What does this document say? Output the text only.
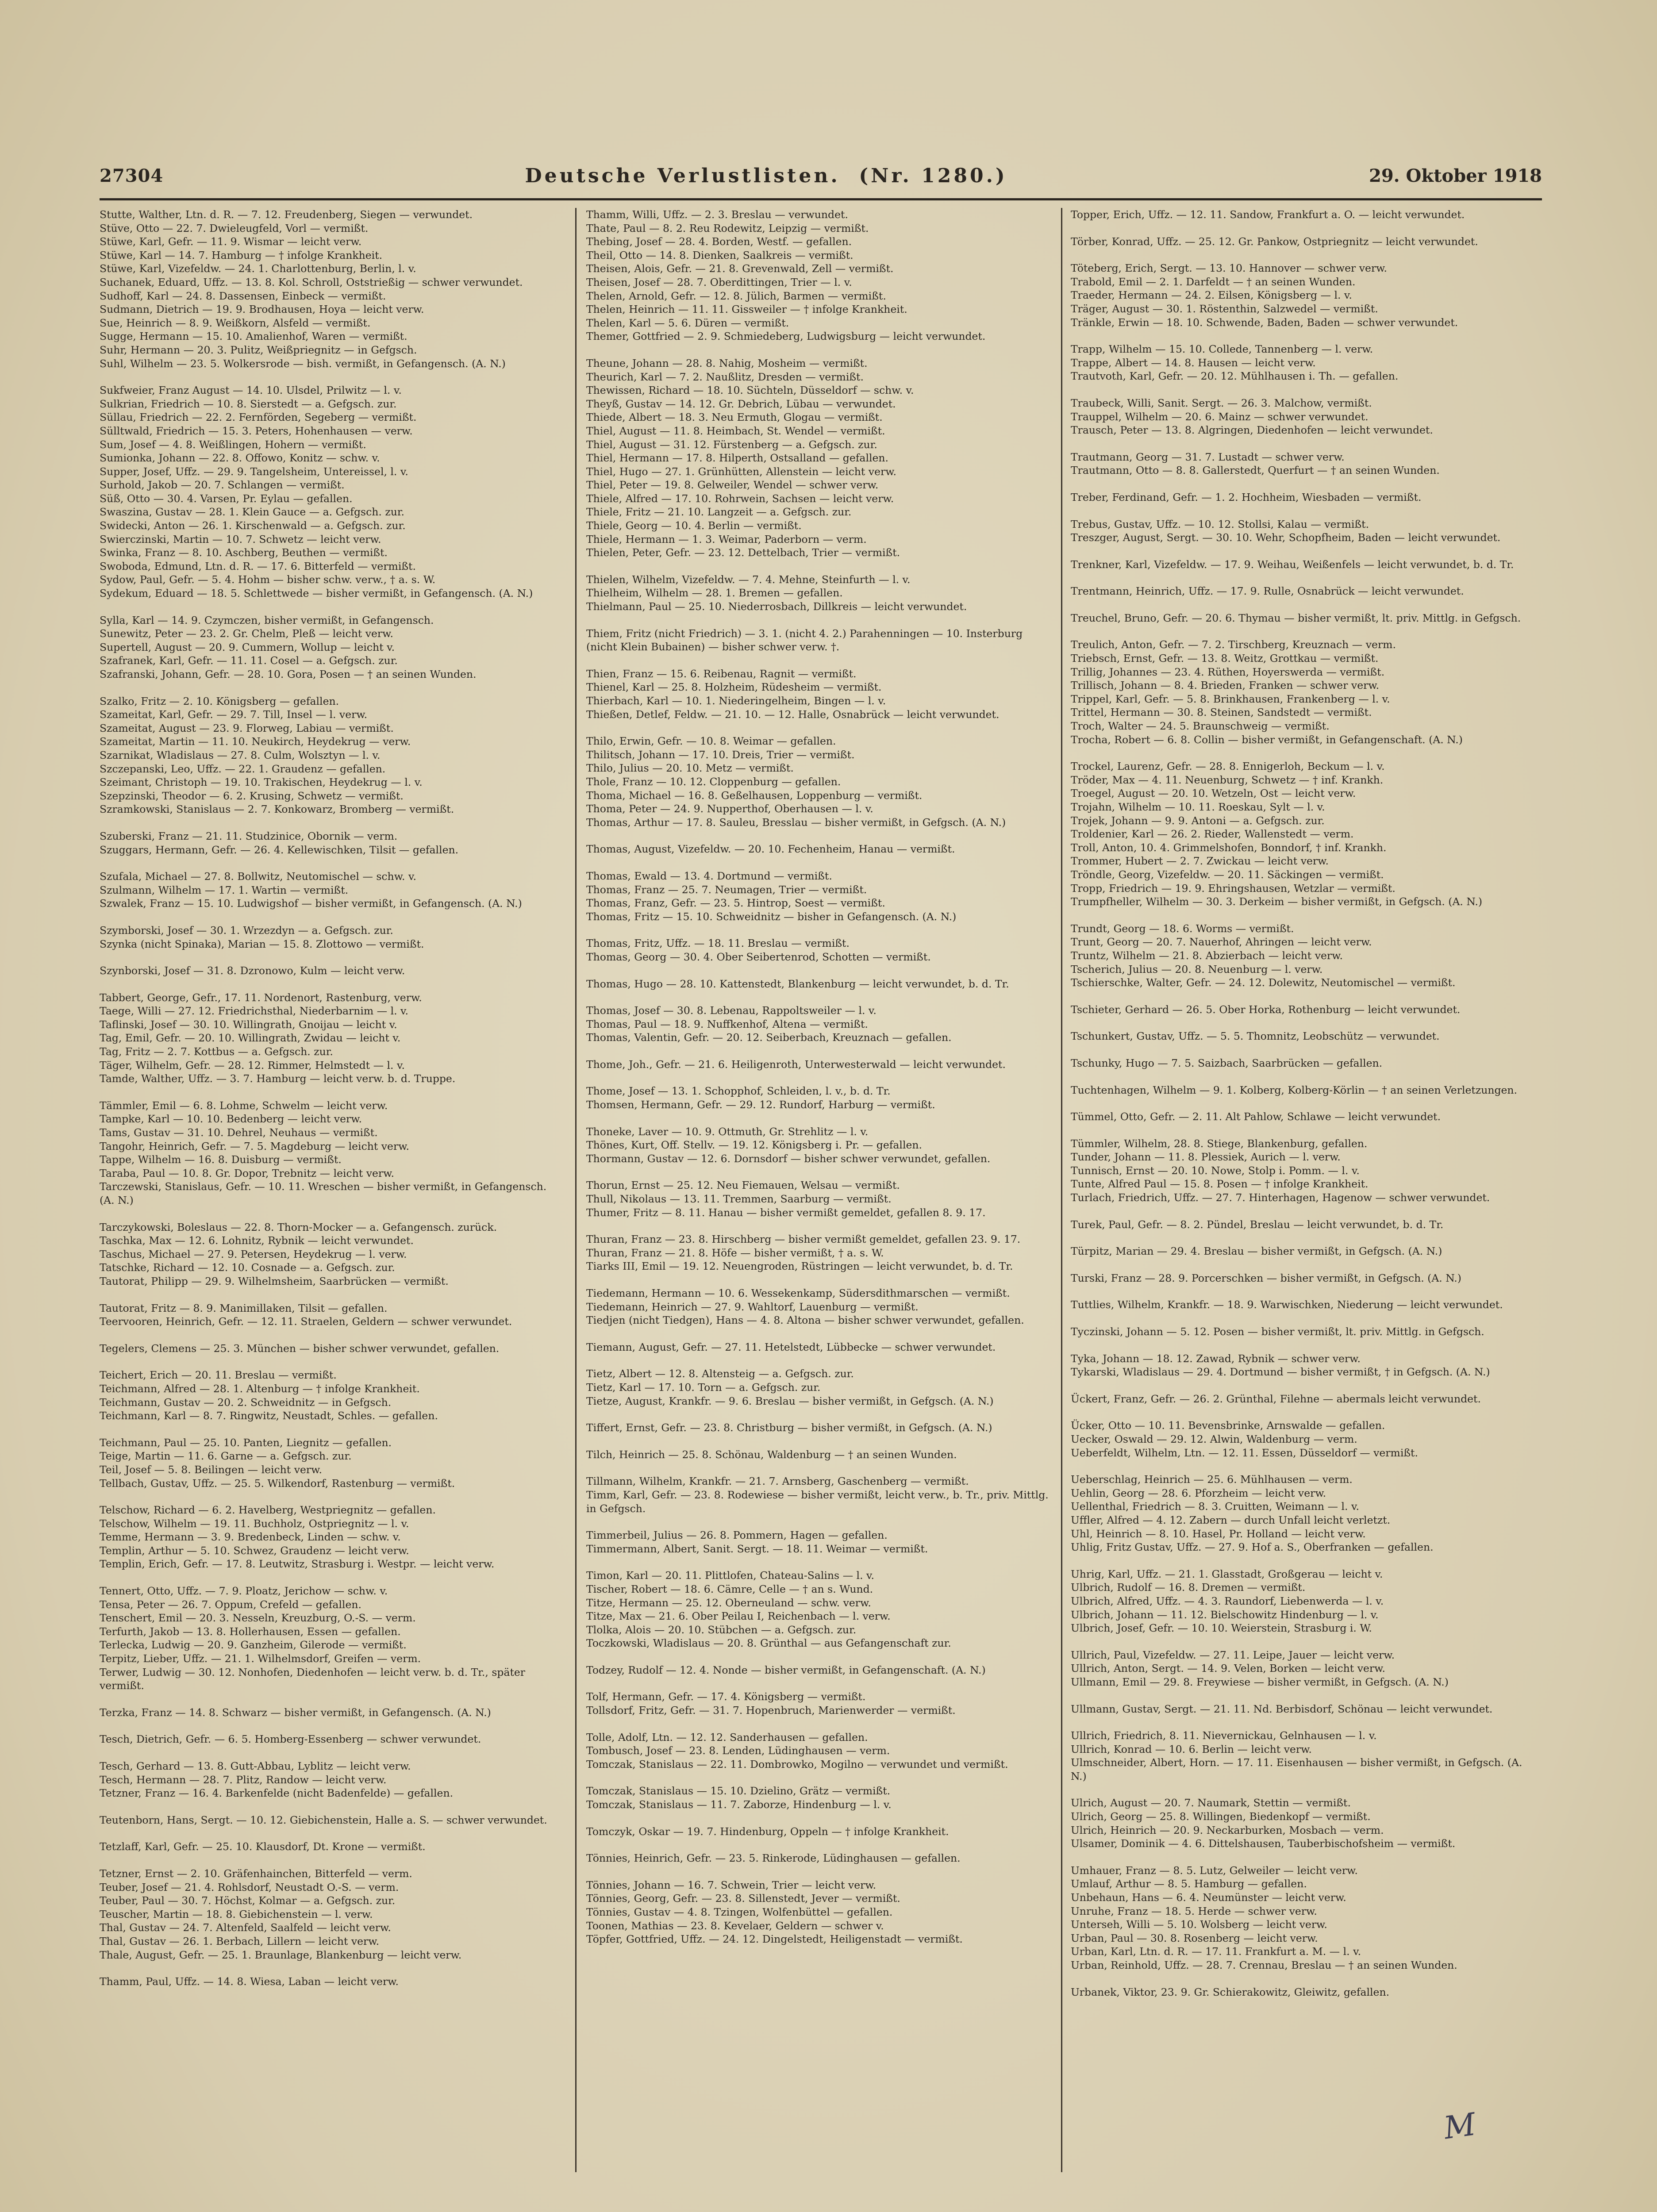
27304	Deutsche Verlustlisten. (Nr. 1280.)	29. Oktober 1918

Stutte, Walther, Ltn. d. R. — 7. 12. Freudenberg, Siegen — verwundet.

Stüve, Otto — 22. 7. Dwieleugfeld, Vorl — vermißt.

Stüwe, Karl, Gefr. — 11. 9. Wismar — leicht verw.

Stüwe, Karl — 14. 7. Hamburg — † infolge Krankheit.

Stüwe, Karl, Vizefeldw. — 24. 1. Charlottenburg, Berlin, l. v.

Suchanek, Eduard, Uffz. — 13. 8. Kol. Schroll, Oststrießig — schwer verwundet.

Sudhoff, Karl — 24. 8. Dassensen, Einbeck — vermißt.

Sudmann, Dietrich — 19. 9. Brodhausen, Hoya — leicht verw.

Sue, Heinrich — 8. 9. Weißkorn, Alsfeld — vermißt.

Sugge, Hermann — 15. 10. Amalienhof, Waren — vermißt.

Suhr, Hermann — 20. 3. Pulitz, Weißpriegnitz — in Gefgsch.

Suhl, Wilhelm — 23. 5. Wolkersrode — bish. vermißt, in Gefangensch. (A. N.)

Sukfweier, Franz August — 14. 10. Ulsdel, Prilwitz — l. v.

Sulkrian, Friedrich — 10. 8. Sierstedt — a. Gefgsch. zur.

Süllau, Friedrich — 22. 2. Fernförden, Segeberg — vermißt.

Sülltwald, Friedrich — 15. 3. Peters, Hohenhausen — verw.

Sum, Josef — 4. 8. Weißlingen, Hohern — vermißt.

Sumionka, Johann — 22. 8. Offowo, Konitz — schw. v.

Supper, Josef, Uffz. — 29. 9. Tangelsheim, Untereissel, l. v.

Surhold, Jakob — 20. 7. Schlangen — vermißt.

Süß, Otto — 30. 4. Varsen, Pr. Eylau — gefallen.

Swaszina, Gustav — 28. 1. Klein Gauce — a. Gefgsch. zur.

Swidecki, Anton — 26. 1. Kirschenwald — a. Gefgsch. zur.

Swierczinski, Martin — 10. 7. Schwetz — leicht verw.

Swinka, Franz — 8. 10. Aschberg, Beuthen — vermißt.

Swoboda, Edmund, Ltn. d. R. — 17. 6. Bitterfeld — vermißt.

Sydow, Paul, Gefr. — 5. 4. Hohm — bisher schw. verw., † a. s. W.

Sydekum, Eduard — 18. 5. Schlettwede — bisher vermißt, in Gefangensch. (A. N.)

Sylla, Karl — 14. 9. Czymczen, bisher vermißt, in Gefangensch.

Sunewitz, Peter — 23. 2. Gr. Chelm, Pleß — leicht verw.

Supertell, August — 20. 9. Cummern, Wollup — leicht v.

Szafranek, Karl, Gefr. — 11. 11. Cosel — a. Gefgsch. zur.

Szafranski, Johann, Gefr. — 28. 10. Gora, Posen — † an seinen Wunden.

Szalko, Fritz — 2. 10. Königsberg — gefallen.

Szameitat, Karl, Gefr. — 29. 7. Till, Insel — l. verw.

Szameitat, August — 23. 9. Florweg, Labiau — vermißt.

Szameitat, Martin — 11. 10. Neukirch, Heydekrug — verw.

Szarnikat, Wladislaus — 27. 8. Culm, Wolsztyn — l. v.

Szczepanski, Leo, Uffz. — 22. 1. Graudenz — gefallen.

Szeimant, Christoph — 19. 10. Trakischen, Heydekrug — l. v.

Szepzinski, Theodor — 6. 2. Krusing, Schwetz — vermißt.

Szramkowski, Stanislaus — 2. 7. Konkowarz, Bromberg — vermißt.

Szuberski, Franz — 21. 11. Studzinice, Obornik — verm.

Szuggars, Hermann, Gefr. — 26. 4. Kellewischken, Tilsit — gefallen.

Szufala, Michael — 27. 8. Bollwitz, Neutomischel — schw. v.

Szulmann, Wilhelm — 17. 1. Wartin — vermißt.

Szwalek, Franz — 15. 10. Ludwigshof — bisher vermißt, in Gefangensch. (A. N.)

Szymborski, Josef — 30. 1. Wrzezdyn — a. Gefgsch. zur.

Szynka (nicht Spinaka), Marian — 15. 8. Zlottowo — vermißt.

Szynborski, Josef — 31. 8. Dzronowo, Kulm — leicht verw.

Tabbert, George, Gefr., 17. 11. Nordenort, Rastenburg, verw.

Taege, Willi — 27. 12. Friedrichsthal, Niederbarnim — l. v.

Taflinski, Josef — 30. 10. Willingrath, Gnoijau — leicht v.

Tag, Emil, Gefr. — 20. 10. Willingrath, Zwidau — leicht v.

Tag, Fritz — 2. 7. Kottbus — a. Gefgsch. zur.

Täger, Wilhelm, Gefr. — 28. 12. Rimmer, Helmstedt — l. v.

Tamde, Walther, Uffz. — 3. 7. Hamburg — leicht verw. b. d. Truppe.

Tämmler, Emil — 6. 8. Lohme, Schwelm — leicht verw.

Tampke, Karl — 10. 10. Bedenberg — leicht verw.

Tams, Gustav — 31. 10. Dehrel, Neuhaus — vermißt.

Tangohr, Heinrich, Gefr. — 7. 5. Magdeburg — leicht verw.

Tappe, Wilhelm — 16. 8. Duisburg — vermißt.

Taraba, Paul — 10. 8. Gr. Dopor, Trebnitz — leicht verw.

Tarczewski, Stanislaus, Gefr. — 10. 11. Wreschen — bisher vermißt, in Gefangensch. (A. N.)

Tarczykowski, Boleslaus — 22. 8. Thorn-Mocker — a. Gefangensch. zurück.

Taschka, Max — 12. 6. Lohnitz, Rybnik — leicht verwundet.

Taschus, Michael — 27. 9. Petersen, Heydekrug — l. verw.

Tatschke, Richard — 12. 10. Cosnade — a. Gefgsch. zur.

Tautorat, Philipp — 29. 9. Wilhelmsheim, Saarbrücken — vermißt.

Tautorat, Fritz — 8. 9. Manimillaken, Tilsit — gefallen.

Teervooren, Heinrich, Gefr. — 12. 11. Straelen, Geldern — schwer verwundet.

Tegelers, Clemens — 25. 3. München — bisher schwer verwundet, gefallen.

Teichert, Erich — 20. 11. Breslau — vermißt.

Teichmann, Alfred — 28. 1. Altenburg — † infolge Krankheit.

Teichmann, Gustav — 20. 2. Schweidnitz — in Gefgsch.

Teichmann, Karl — 8. 7. Ringwitz, Neustadt, Schles. — gefallen.

Teichmann, Paul — 25. 10. Panten, Liegnitz — gefallen.

Teige, Martin — 11. 6. Garne — a. Gefgsch. zur.

Teil, Josef — 5. 8. Beilingen — leicht verw.

Tellbach, Gustav, Uffz. — 25. 5. Wilkendorf, Rastenburg — vermißt.

Telschow, Richard — 6. 2. Havelberg, Westpriegnitz — gefallen.

Telschow, Wilhelm — 19. 11. Buchholz, Ostpriegnitz — l. v.

Temme, Hermann — 3. 9. Bredenbeck, Linden — schw. v.

Templin, Arthur — 5. 10. Schwez, Graudenz — leicht verw.

Templin, Erich, Gefr. — 17. 8. Leutwitz, Strasburg i. Westpr. — leicht verw.

Tennert, Otto, Uffz. — 7. 9. Ploatz, Jerichow — schw. v.

Tensa, Peter — 26. 7. Oppum, Crefeld — gefallen.

Tenschert, Emil — 20. 3. Nesseln, Kreuzburg, O.-S. — verm.

Terfurth, Jakob — 13. 8. Hollerhausen, Essen — gefallen.

Terlecka, Ludwig — 20. 9. Ganzheim, Gilerode — vermißt.

Terpitz, Lieber, Uffz. — 21. 1. Wilhelmsdorf, Greifen — verm.

Terwer, Ludwig — 30. 12. Nonhofen, Diedenhofen — leicht verw. b. d. Tr., später vermißt.

Terzka, Franz — 14. 8. Schwarz — bisher vermißt, in Gefangensch. (A. N.)

Tesch, Dietrich, Gefr. — 6. 5. Homberg-Essenberg — schwer verwundet.

Tesch, Gerhard — 13. 8. Gutt-Abbau, Lyblitz — leicht verw.

Tesch, Hermann — 28. 7. Plitz, Randow — leicht verw.

Tetzner, Franz — 16. 4. Barkenfelde (nicht Badenfelde) — gefallen.

Teutenborn, Hans, Sergt. — 10. 12. Giebichenstein, Halle a. S. — schwer verwundet.

Tetzlaff, Karl, Gefr. — 25. 10. Klausdorf, Dt. Krone — vermißt.

Tetzner, Ernst — 2. 10. Gräfenhainchen, Bitterfeld — verm.

Teuber, Josef — 21. 4. Rohlsdorf, Neustadt O.-S. — verm.

Teuber, Paul — 30. 7. Höchst, Kolmar — a. Gefgsch. zur.

Teuscher, Martin — 18. 8. Giebichenstein — l. verw.

Thal, Gustav — 24. 7. Altenfeld, Saalfeld — leicht verw.

Thal, Gustav — 26. 1. Berbach, Lillern — leicht verw.

Thale, August, Gefr. — 25. 1. Braunlage, Blankenburg — leicht verw.

Thamm, Paul, Uffz. — 14. 8. Wiesa, Laban — leicht verw.

Thamm, Willi, Uffz. — 2. 3. Breslau — verwundet.

Thate, Paul — 8. 2. Reu Rodewitz, Leipzig — vermißt.

Thebing, Josef — 28. 4. Borden, Westf. — gefallen.

Theil, Otto — 14. 8. Dienken, Saalkreis — vermißt.

Theisen, Alois, Gefr. — 21. 8. Grevenwald, Zell — vermißt.

Theisen, Josef — 28. 7. Oberdittingen, Trier — l. v.

Thelen, Arnold, Gefr. — 12. 8. Jülich, Barmen — vermißt.

Thelen, Heinrich — 11. 11. Gissweiler — † infolge Krankheit.

Thelen, Karl — 5. 6. Düren — vermißt.

Themer, Gottfried — 2. 9. Schmiedeberg, Ludwigsburg — leicht verwundet.

Theune, Johann — 28. 8. Nahig, Mosheim — vermißt.

Theurich, Karl — 7. 2. Naußlitz, Dresden — vermißt.

Thewissen, Richard — 18. 10. Süchteln, Düsseldorf — schw. v.

Theyß, Gustav — 14. 12. Gr. Debrich, Lübau — verwundet.

Thiede, Albert — 18. 3. Neu Ermuth, Glogau — vermißt.

Thiel, August — 11. 8. Heimbach, St. Wendel — vermißt.

Thiel, August — 31. 12. Fürstenberg — a. Gefgsch. zur.

Thiel, Hermann — 17. 8. Hilperth, Ostsalland — gefallen.

Thiel, Hugo — 27. 1. Grünhütten, Allenstein — leicht verw.

Thiel, Peter — 19. 8. Gelweiler, Wendel — schwer verw.

Thiele, Alfred — 17. 10. Rohrwein, Sachsen — leicht verw.

Thiele, Fritz — 21. 10. Langzeit — a. Gefgsch. zur.

Thiele, Georg — 10. 4. Berlin — vermißt.

Thiele, Hermann — 1. 3. Weimar, Paderborn — verm.

Thielen, Peter, Gefr. — 23. 12. Dettelbach, Trier — vermißt.

Thielen, Wilhelm, Vizefeldw. — 7. 4. Mehne, Steinfurth — l. v.

Thielheim, Wilhelm — 28. 1. Bremen — gefallen.

Thielmann, Paul — 25. 10. Niederrosbach, Dillkreis — leicht verwundet.

Thiem, Fritz (nicht Friedrich) — 3. 1. (nicht 4. 2.) Parahenningen — 10. Insterburg (nicht Klein Bubainen) — bisher schwer verw. †.

Thien, Franz — 15. 6. Reibenau, Ragnit — vermißt.

Thienel, Karl — 25. 8. Holzheim, Rüdesheim — vermißt.

Thierbach, Karl — 10. 1. Niederingelheim, Bingen — l. v.

Thießen, Detlef, Feldw. — 21. 10. — 12. Halle, Osnabrück — leicht verwundet.

Thilo, Erwin, Gefr. — 10. 8. Weimar — gefallen.

Thilitsch, Johann — 17. 10. Dreis, Trier — vermißt.

Thilo, Julius — 20. 10. Metz — vermißt.

Thole, Franz — 10. 12. Cloppenburg — gefallen.

Thoma, Michael — 16. 8. Geßelhausen, Loppenburg — vermißt.

Thoma, Peter — 24. 9. Nupperthof, Oberhausen — l. v.

Thomas, Arthur — 17. 8. Sauleu, Bresslau — bisher vermißt, in Gefgsch. (A. N.)

Thomas, August, Vizefeldw. — 20. 10. Fechenheim, Hanau — vermißt.

Thomas, Ewald — 13. 4. Dortmund — vermißt.

Thomas, Franz — 25. 7. Neumagen, Trier — vermißt.

Thomas, Franz, Gefr. — 23. 5. Hintrop, Soest — vermißt.

Thomas, Fritz — 15. 10. Schweidnitz — bisher in Gefangensch. (A. N.)

Thomas, Fritz, Uffz. — 18. 11. Breslau — vermißt.

Thomas, Georg — 30. 4. Ober Seibertenrod, Schotten — vermißt.

Thomas, Hugo — 28. 10. Kattenstedt, Blankenburg — leicht verwundet, b. d. Tr.

Thomas, Josef — 30. 8. Lebenau, Rappoltsweiler — l. v.

Thomas, Paul — 18. 9. Nuffkenhof, Altena — vermißt.

Thomas, Valentin, Gefr. — 20. 12. Seiberbach, Kreuznach — gefallen.

Thome, Joh., Gefr. — 21. 6. Heiligenroth, Unterwesterwald — leicht verwundet.

Thome, Josef — 13. 1. Schopphof, Schleiden, l. v., b. d. Tr.

Thomsen, Hermann, Gefr. — 29. 12. Rundorf, Harburg — vermißt.

Thoneke, Laver — 10. 9. Ottmuth, Gr. Strehlitz — l. v.

Thönes, Kurt, Off. Stellv. — 19. 12. Königsberg i. Pr. — gefallen.

Thormann, Gustav — 12. 6. Dornsdorf — bisher schwer verwundet, gefallen.

Thorun, Ernst — 25. 12. Neu Fiemauen, Welsau — vermißt.

Thull, Nikolaus — 13. 11. Tremmen, Saarburg — vermißt.

Thumer, Fritz — 8. 11. Hanau — bisher vermißt gemeldet, gefallen 8. 9. 17.

Thuran, Franz — 23. 8. Hirschberg — bisher vermißt gemeldet, gefallen 23. 9. 17.

Thuran, Franz — 21. 8. Höfe — bisher vermißt, † a. s. W.

Tiarks III, Emil — 19. 12. Neuengroden, Rüstringen — leicht verwundet, b. d. Tr.

Tiedemann, Hermann — 10. 6. Wessekenkamp, Südersdithmarschen — vermißt.

Tiedemann, Heinrich — 27. 9. Wahltorf, Lauenburg — vermißt.

Tiedjen (nicht Tiedgen), Hans — 4. 8. Altona — bisher schwer verwundet, gefallen.

Tiemann, August, Gefr. — 27. 11. Hetelstedt, Lübbecke — schwer verwundet.

Tietz, Albert — 12. 8. Altensteig — a. Gefgsch. zur.

Tietz, Karl — 17. 10. Torn — a. Gefgsch. zur.

Tietze, August, Krankfr. — 9. 6. Breslau — bisher vermißt, in Gefgsch. (A. N.)

Tiffert, Ernst, Gefr. — 23. 8. Christburg — bisher vermißt, in Gefgsch. (A. N.)

Tilch, Heinrich — 25. 8. Schönau, Waldenburg — † an seinen Wunden.

Tillmann, Wilhelm, Krankfr. — 21. 7. Arnsberg, Gaschenberg — vermißt.

Timm, Karl, Gefr. — 23. 8. Rodewiese — bisher vermißt, leicht verw., b. Tr., priv. Mittlg. in Gefgsch.

Timmerbeil, Julius — 26. 8. Pommern, Hagen — gefallen.

Timmermann, Albert, Sanit. Sergt. — 18. 11. Weimar — vermißt.

Timon, Karl — 20. 11. Plittlofen, Chateau-Salins — l. v.

Tischer, Robert — 18. 6. Cämre, Celle — † an s. Wund.

Titze, Hermann — 25. 12. Oberneuland — schw. verw.

Titze, Max — 21. 6. Ober Peilau I, Reichenbach — l. verw.

Tlolka, Alois — 20. 10. Stübchen — a. Gefgsch. zur.

Toczkowski, Wladislaus — 20. 8. Grünthal — aus Gefangenschaft zur.

Todzey, Rudolf — 12. 4. Nonde — bisher vermißt, in Gefangenschaft. (A. N.)

Tolf, Hermann, Gefr. — 17. 4. Königsberg — vermißt.

Tollsdorf, Fritz, Gefr. — 31. 7. Hopenbruch, Marienwerder — vermißt.

Tolle, Adolf, Ltn. — 12. 12. Sanderhausen — gefallen.

Tombusch, Josef — 23. 8. Lenden, Lüdinghausen — verm.

Tomczak, Stanislaus — 22. 11. Dombrowko, Mogilno — verwundet und vermißt.

Tomczak, Stanislaus — 15. 10. Dzielino, Grätz — vermißt.

Tomczak, Stanislaus — 11. 7. Zaborze, Hindenburg — l. v.

Tomczyk, Oskar — 19. 7. Hindenburg, Oppeln — † infolge Krankheit.

Tönnies, Heinrich, Gefr. — 23. 5. Rinkerode, Lüdinghausen — gefallen.

Tönnies, Johann — 16. 7. Schwein, Trier — leicht verw.

Tönnies, Georg, Gefr. — 23. 8. Sillenstedt, Jever — vermißt.

Tönnies, Gustav — 4. 8. Tzingen, Wolfenbüttel — gefallen.

Toonen, Mathias — 23. 8. Kevelaer, Geldern — schwer v.

Töpfer, Gottfried, Uffz. — 24. 12. Dingelstedt, Heiligenstadt — vermißt.

Topper, Erich, Uffz. — 12. 11. Sandow, Frankfurt a. O. — leicht verwundet.

Törber, Konrad, Uffz. — 25. 12. Gr. Pankow, Ostpriegnitz — leicht verwundet.

Töteberg, Erich, Sergt. — 13. 10. Hannover — schwer verw.

Trabold, Emil — 2. 1. Darfeldt — † an seinen Wunden.

Traeder, Hermann — 24. 2. Eilsen, Königsberg — l. v.

Träger, August — 30. 1. Röstenthin, Salzwedel — vermißt.

Tränkle, Erwin — 18. 10. Schwende, Baden, Baden — schwer verwundet.

Trapp, Wilhelm — 15. 10. Collede, Tannenberg — l. verw.

Trappe, Albert — 14. 8. Hausen — leicht verw.

Trautvoth, Karl, Gefr. — 20. 12. Mühlhausen i. Th. — gefallen.

Traubeck, Willi, Sanit. Sergt. — 26. 3. Malchow, vermißt.

Trauppel, Wilhelm — 20. 6. Mainz — schwer verwundet.

Trausch, Peter — 13. 8. Algringen, Diedenhofen — leicht verwundet.

Trautmann, Georg — 31. 7. Lustadt — schwer verw.

Trautmann, Otto — 8. 8. Gallerstedt, Querfurt — † an seinen Wunden.

Treber, Ferdinand, Gefr. — 1. 2. Hochheim, Wiesbaden — vermißt.

Trebus, Gustav, Uffz. — 10. 12. Stollsi, Kalau — vermißt.

Treszger, August, Sergt. — 30. 10. Wehr, Schopfheim, Baden — leicht verwundet.

Trenkner, Karl, Vizefeldw. — 17. 9. Weihau, Weißenfels — leicht verwundet, b. d. Tr.

Trentmann, Heinrich, Uffz. — 17. 9. Rulle, Osnabrück — leicht verwundet.

Treuchel, Bruno, Gefr. — 20. 6. Thymau — bisher vermißt, lt. priv. Mittlg. in Gefgsch.

Treulich, Anton, Gefr. — 7. 2. Tirschberg, Kreuznach — verm.

Triebsch, Ernst, Gefr. — 13. 8. Weitz, Grottkau — vermißt.

Trillig, Johannes — 23. 4. Rüthen, Hoyerswerda — vermißt.

Trillisch, Johann — 8. 4. Brieden, Franken — schwer verw.

Trippel, Karl, Gefr. — 5. 8. Brinkhausen, Frankenberg — l. v.

Trittel, Hermann — 30. 8. Steinen, Sandstedt — vermißt.

Troch, Walter — 24. 5. Braunschweig — vermißt.

Trocha, Robert — 6. 8. Collin — bisher vermißt, in Gefangenschaft. (A. N.)

Trockel, Laurenz, Gefr. — 28. 8. Ennigerloh, Beckum — l. v.

Tröder, Max — 4. 11. Neuenburg, Schwetz — † inf. Krankh.

Troegel, August — 20. 10. Wetzeln, Ost — leicht verw.

Trojahn, Wilhelm — 10. 11. Roeskau, Sylt — l. v.

Trojek, Johann — 9. 9. Antoni — a. Gefgsch. zur.

Troldenier, Karl — 26. 2. Rieder, Wallenstedt — verm.

Troll, Anton, 10. 4. Grimmelshofen, Bonndorf, † inf. Krankh.

Trommer, Hubert — 2. 7. Zwickau — leicht verw.

Tröndle, Georg, Vizefeldw. — 20. 11. Säckingen — vermißt.

Tropp, Friedrich — 19. 9. Ehringshausen, Wetzlar — vermißt.

Trumpfheller, Wilhelm — 30. 3. Derkeim — bisher vermißt, in Gefgsch. (A. N.)

Trundt, Georg — 18. 6. Worms — vermißt.

Trunt, Georg — 20. 7. Nauerhof, Ahringen — leicht verw.

Truntz, Wilhelm — 21. 8. Abzierbach — leicht verw.

Tscherich, Julius — 20. 8. Neuenburg — l. verw.

Tschierschke, Walter, Gefr. — 24. 12. Dolewitz, Neutomischel — vermißt.

Tschieter, Gerhard — 26. 5. Ober Horka, Rothenburg — leicht verwundet.

Tschunkert, Gustav, Uffz. — 5. 5. Thomnitz, Leobschütz — verwundet.

Tschunky, Hugo — 7. 5. Saizbach, Saarbrücken — gefallen.

Tuchtenhagen, Wilhelm — 9. 1. Kolberg, Kolberg-Körlin — † an seinen Verletzungen.

Tümmel, Otto, Gefr. — 2. 11. Alt Pahlow, Schlawe — leicht verwundet.

Tümmler, Wilhelm, 28. 8. Stiege, Blankenburg, gefallen.

Tunder, Johann — 11. 8. Plessiek, Aurich — l. verw.

Tunnisch, Ernst — 20. 10. Nowe, Stolp i. Pomm. — l. v.

Tunte, Alfred Paul — 15. 8. Posen — † infolge Krankheit.

Turlach, Friedrich, Uffz. — 27. 7. Hinterhagen, Hagenow — schwer verwundet.

Turek, Paul, Gefr. — 8. 2. Pündel, Breslau — leicht verwundet, b. d. Tr.

Türpitz, Marian — 29. 4. Breslau — bisher vermißt, in Gefgsch. (A. N.)

Turski, Franz — 28. 9. Porcerschken — bisher vermißt, in Gefgsch. (A. N.)

Tuttlies, Wilhelm, Krankfr. — 18. 9. Warwischken, Niederung — leicht verwundet.

Tyczinski, Johann — 5. 12. Posen — bisher vermißt, lt. priv. Mittlg. in Gefgsch.

Tyka, Johann — 18. 12. Zawad, Rybnik — schwer verw.

Tykarski, Wladislaus — 29. 4. Dortmund — bisher vermißt, † in Gefgsch. (A. N.)

Ückert, Franz, Gefr. — 26. 2. Grünthal, Filehne — abermals leicht verwundet.

Ücker, Otto — 10. 11. Bevensbrinke, Arnswalde — gefallen.

Uecker, Oswald — 29. 12. Alwin, Waldenburg — verm.

Ueberfeldt, Wilhelm, Ltn. — 12. 11. Essen, Düsseldorf — vermißt.

Ueberschlag, Heinrich — 25. 6. Mühlhausen — verm.

Uehlin, Georg — 28. 6. Pforzheim — leicht verw.

Uellenthal, Friedrich — 8. 3. Cruitten, Weimann — l. v.

Uffler, Alfred — 4. 12. Zabern — durch Unfall leicht verletzt.

Uhl, Heinrich — 8. 10. Hasel, Pr. Holland — leicht verw.

Uhlig, Fritz Gustav, Uffz. — 27. 9. Hof a. S., Oberfranken — gefallen.

Uhrig, Karl, Uffz. — 21. 1. Glasstadt, Großgerau — leicht v.

Ulbrich, Rudolf — 16. 8. Dremen — vermißt.

Ulbrich, Alfred, Uffz. — 4. 3. Raundorf, Liebenwerda — l. v.

Ulbrich, Johann — 11. 12. Bielschowitz Hindenburg — l. v.

Ulbrich, Josef, Gefr. — 10. 10. Weierstein, Strasburg i. W.

Ullrich, Paul, Vizefeldw. — 27. 11. Leipe, Jauer — leicht verw.

Ullrich, Anton, Sergt. — 14. 9. Velen, Borken — leicht verw.

Ullmann, Emil — 29. 8. Freywiese — bisher vermißt, in Gefgsch. (A. N.)

Ullmann, Gustav, Sergt. — 21. 11. Nd. Berbisdorf, Schönau — leicht verwundet.

Ullrich, Friedrich, 8. 11. Nievernickau, Gelnhausen — l. v.

Ullrich, Konrad — 10. 6. Berlin — leicht verw.

Ulmschneider, Albert, Horn. — 17. 11. Eisenhausen — bisher vermißt, in Gefgsch. (A. N.)

Ulrich, August — 20. 7. Naumark, Stettin — vermißt.

Ulrich, Georg — 25. 8. Willingen, Biedenkopf — vermißt.

Ulrich, Heinrich — 20. 9. Neckarburken, Mosbach — verm.

Ulsamer, Dominik — 4. 6. Dittelshausen, Tauberbischofsheim — vermißt.

Umhauer, Franz — 8. 5. Lutz, Gelweiler — leicht verw.

Umlauf, Arthur — 8. 5. Hamburg — gefallen.

Unbehaun, Hans — 6. 4. Neumünster — leicht verw.

Unruhe, Franz — 18. 5. Herde — schwer verw.

Unterseh, Willi — 5. 10. Wolsberg — leicht verw.

Urban, Paul — 30. 8. Rosenberg — leicht verw.

Urban, Karl, Ltn. d. R. — 17. 11. Frankfurt a. M. — l. v.

Urban, Reinhold, Uffz. — 28. 7. Crennau, Breslau — † an seinen Wunden.

Urbanek, Viktor, 23. 9. Gr. Schierakowitz, Gleiwitz, gefallen.

M
